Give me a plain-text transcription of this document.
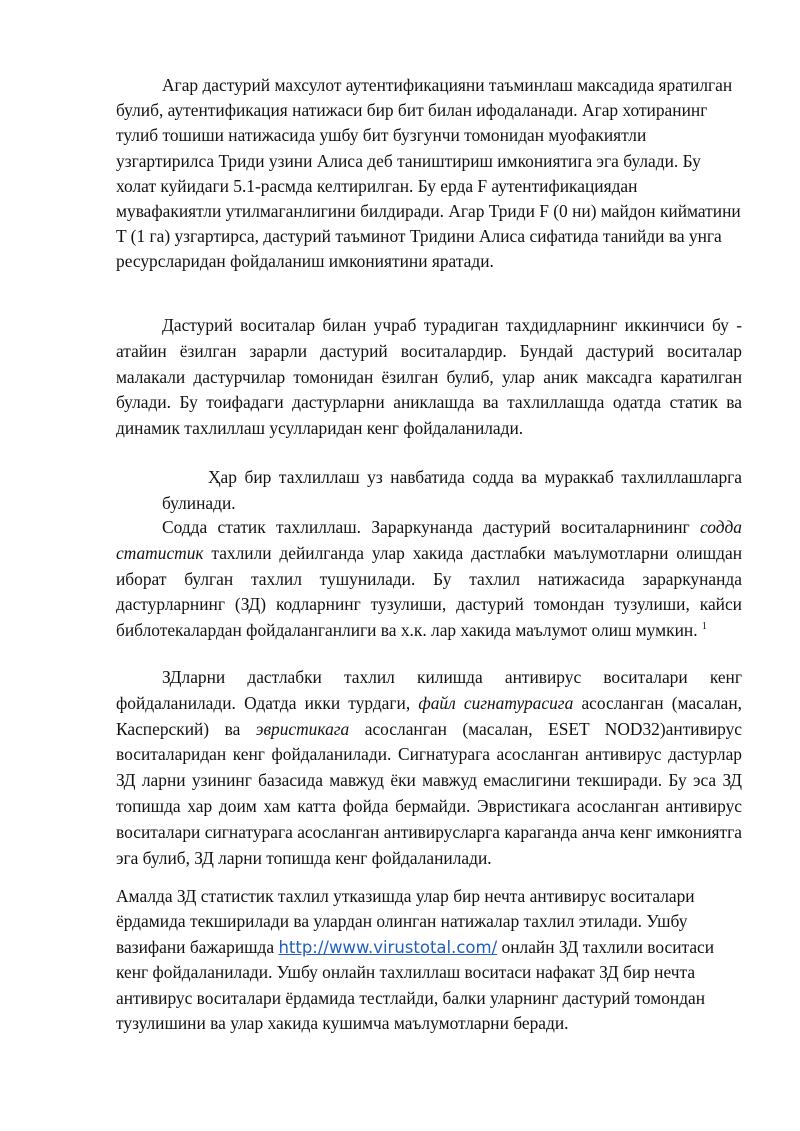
Агар дастурий махсулот аутентификацияни таъминлаш максадида яратилган булиб, аутентификация натижаси бир бит билан ифодаланади. Агар хотиранинг тулиб тошиши натижасида ушбу бит бузгунчи томонидан муофакиятли узгартирилса Триди узини Алиса деб таништириш имкониятига эга булади. Бу холат куйидаги 5.1-расмда келтирилган. Бу ерда F аутентификациядан мувафакиятли утилмаганлигини билдиради. Агар Триди F (0 ни) майдон кийматини T (1 га) узгартирса, дастурий таъминот Тридини Алиса сифатида танийди ва унга ресурсларидан фойдаланиш имкониятини яратади.

Дастурий воситалар билан учраб турадиган тахдидларнинг иккинчиси бу - атайин ёзилган зарарли дастурий воситалардир. Бундай дастурий воситалар малакали дастурчилар томонидан ёзилган булиб, улар аник максадга каратилган булади. Бу тоифадаги дастурларни аниклашда ва тахлиллашда одатда статик ва динамик тахлиллаш усулларидан кенг фойдаланилади.

Ҳар бир тахлиллаш уз навбатида содда ва мураккаб тахлиллашларга булинади.

Содда статик тахлиллаш. Зараркунанда дастурий воситаларнининг содда статистик тахлили дейилганда улар хакида дастлабки маълумотларни олишдан иборат булган тахлил тушунилади. Бу тахлил натижасида зараркунанда дастурларнинг (ЗД) кодларнинг тузулиши, дастурий томондан тузулиши, кайси библотекалардан фойдаланганлиги ва х.к. лар хакида маълумот олиш мумкин. $^1$

ЗДларни дастлабки тахлил килишда антивирус воситалари кенг фойдаланилади. Одатда икки турдаги, файл сигнатурасига асосланган (масалан, Касперский) ва эвристикага асосланган (масалан, ESET NOD32)антивирус воситаларидан кенг фойдаланилади. Сигнатурага асосланган антивирус дастурлар ЗД ларни узининг базасида мавжуд ёки мавжуд емаслигини текширади. Бу эса ЗД топишда хар доим хам катта фойда бермайди. Эвристикага асосланган антивирус воситалари сигнатурага асосланган антивирусларга караганда анча кенг имкониятга эга булиб, ЗД ларни топишда кенг фойдаланилади.

Амалда ЗД статистик тахлил утказишда улар бир нечта антивирус воситалари ёрдамида текширилади ва улардан олинган натижалар тахлил этилади. Ушбу вазифани бажаришда http://www.virustotal.com/ онлайн ЗД тахлили воситаси кенг фойдаланилади. Ушбу онлайн тахлиллаш воситаси нафакат ЗД бир нечта антивирус воситалари ёрдамида тестлайди, балки уларнинг дастурий томондан тузулишини ва улар хакида кушимча маълумотларни беради.
